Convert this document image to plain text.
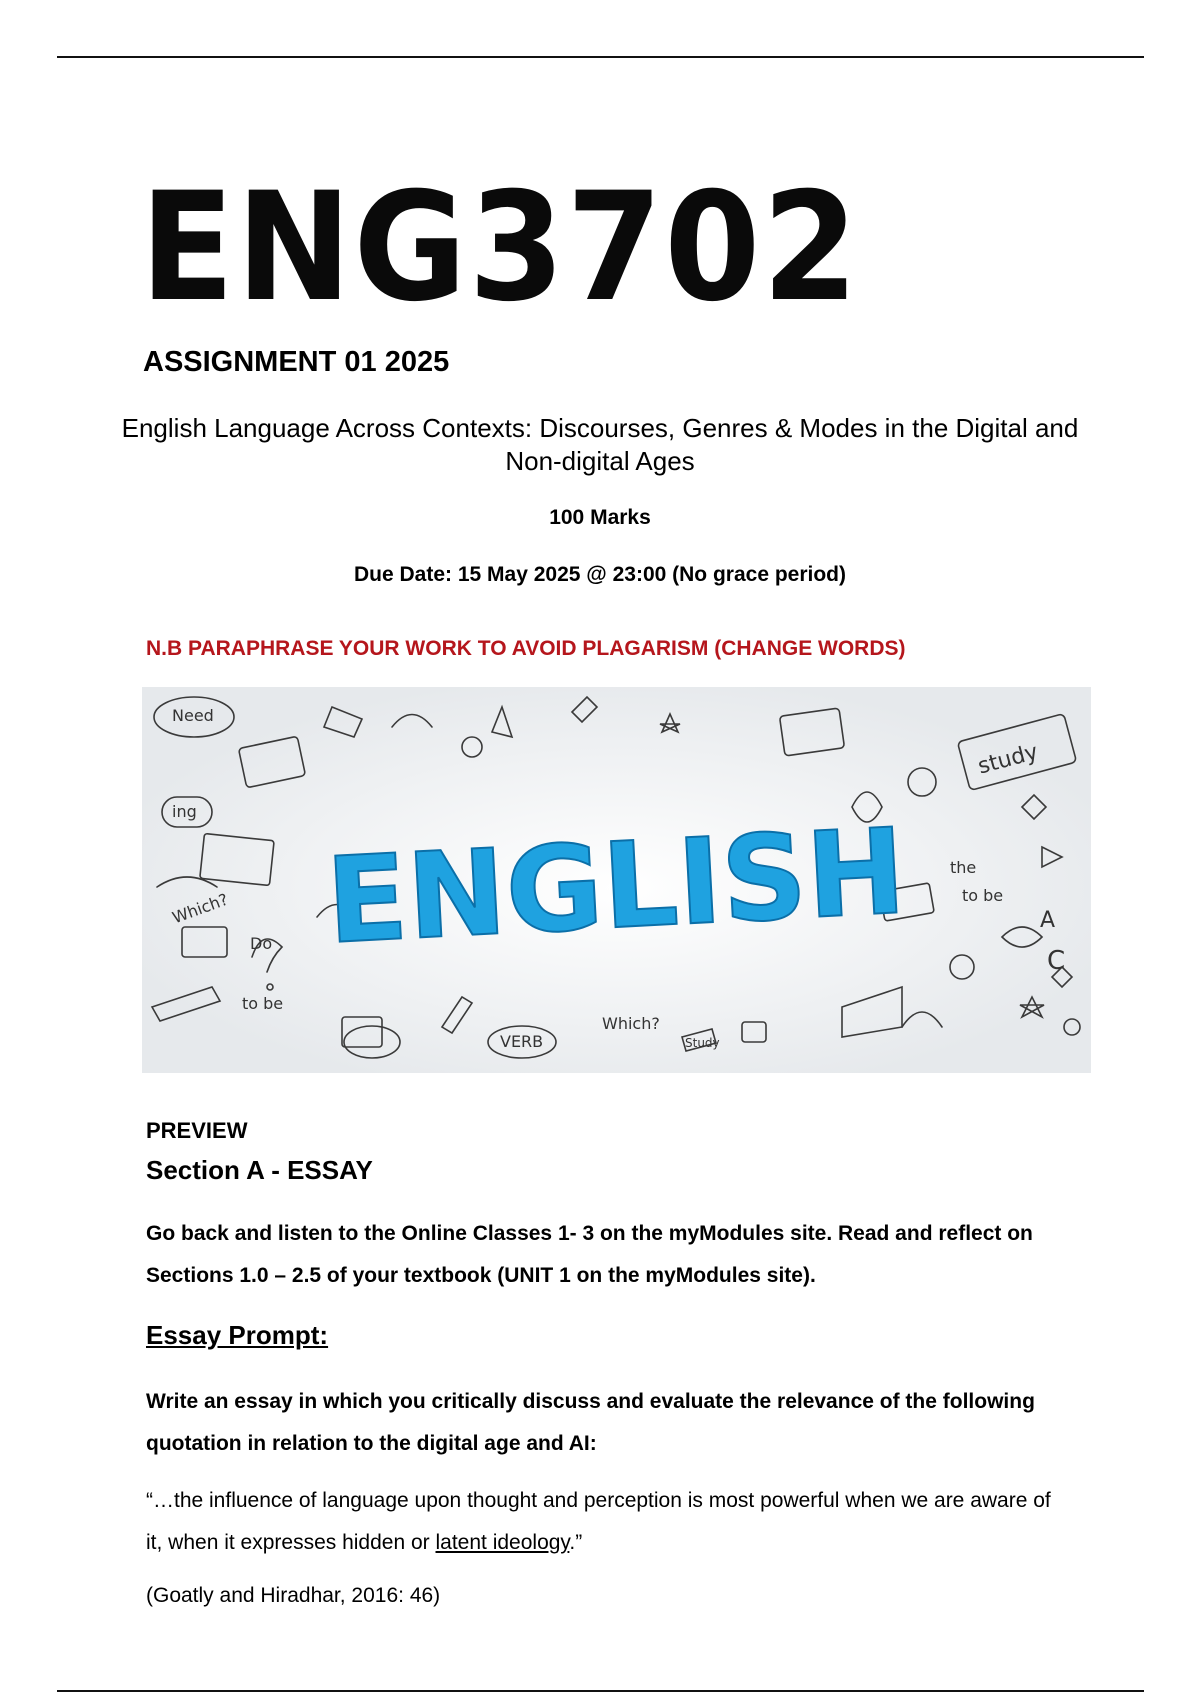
ENG3702
ASSIGNMENT 01 2025
English Language Across Contexts: Discourses, Genres & Modes in the Digital and Non-digital Ages
100 Marks
Due Date: 15 May 2025 @ 23:00 (No grace period)
N.B PARAPHRASE YOUR WORK TO AVOID PLAGARISM (CHANGE WORDS)
Need
study
ing
Which?
Do
to be
VERB
Which?
the
to be
Study
C
A
ENGLISH
PREVIEW
Section A - ESSAY
Go back and listen to the Online Classes 1- 3 on the myModules site. Read and reflect on Sections 1.0 – 2.5 of your textbook (UNIT 1 on the myModules site).
Essay Prompt:
Write an essay in which you critically discuss and evaluate the relevance of the following quotation in relation to the digital age and AI:
“…the influence of language upon thought and perception is most powerful when we are aware of it, when it expresses hidden or latent ideology.”
(Goatly and Hiradhar, 2016: 46)
